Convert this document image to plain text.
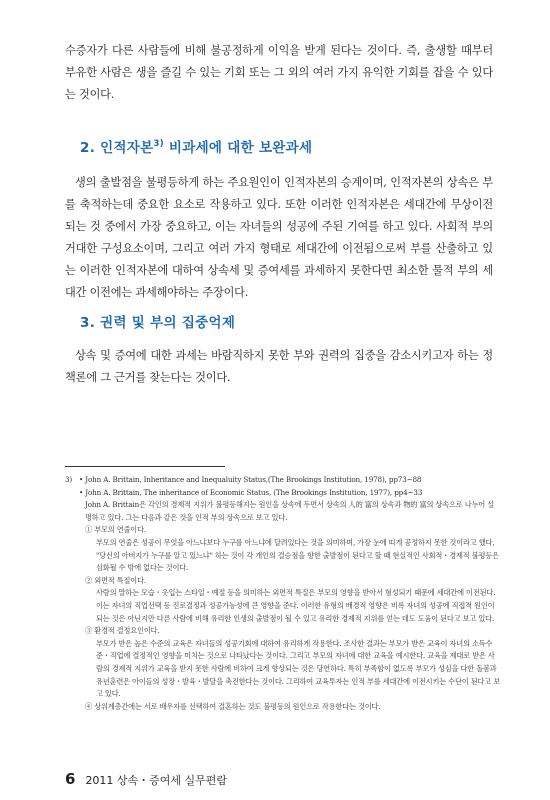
수증자가 다른 사람들에 비해 불공정하게 이익을 받게 된다는 것이다. 즉, 출생할 때부터 부유한 사람은 생을 즐길 수 있는 기회 또는 그 외의 여러 가지 유익한 기회를 잡을 수 있다는 것이다.

2. 인적자본$^{3)}$ 비과세에 대한 보완과세

생의 출발점을 불평등하게 하는 주요원인이 인적자본의 승계이며, 인적자본의 상속은 부를 축적하는데 중요한 요소로 작용하고 있다. 또한 이러한 인적자본은 세대간에 무상이전되는 것 중에서 가장 중요하고, 이는 자녀들의 성공에 주된 기여를 하고 있다. 사회적 부의 거대한 구성요소이며, 그리고 여러 가지 형태로 세대간에 이전됨으로써 부를 산출하고 있는 이러한 인적자본에 대하여 상속세 및 증여세를 과세하지 못한다면 최소한 물적 부의 세대간 이전에는 과세해야하는 주장이다.

3. 권력 및 부의 집중억제

상속 및 증여에 대한 과세는 바람직하지 못한 부와 권력의 집중을 감소시키고자 하는 정책론에 그 근거를 찾는다는 것이다.

3) • John A. Brittain, Inheritance and Inequaluity Status,(The Brookings Institution, 1978), pp73~88
• John A. Brittain, The inheritance of Economic Status, (The Brookings Institution, 1977), pp4~33
John A. Brittain은 각인의 경제적 지위가 불평등해지는 원인을 상속에 두면서 상속의 人的 富의 상속과 物的 富의 상속으로 나누어 설명하고 있다. 그는 다음과 같은 것을 인적 부의 상속으로 보고 있다.
① 부모의 연줄이다.
부모의 연줄은 성공이 무엇을 아느냐보다 누구를 아느냐에 달려있다는 것을 의미하며, 가장 눈에 띠게 공정하지 못한 것이라고 했다, "당신의 아버지가 누구를 알고 있느냐" 하는 것이 각 개인의 결승점을 향한 출발점이 된다고 할 때 현실적인 사회적・경제적 불평등은 심화될 수 밖에 없다는 것이다.
② 외면적 특질이다.
사람의 말하는 모습・옷입는 스타일・예절 등을 의미하는 외면적 특질은 부모의 영향을 받아서 형성되기 때문에 세대간에 이전된다. 이는 자녀의 직업선택 등 진로결정과 성공가능성에 큰 영향을 준다. 이러한 유형의 배경적 영향은 비록 자녀의 성공에 직접적 원인이 되는 것은 아닌지만 다른 사람에 비해 유리한 인생의 출발점이 될 수 있고 유리한 경제적 지위를 얻는 데도 도움이 된다고 보고 있다.
③ 환경적 결정요인이다.
부모가 받은 높은 수준의 교육은 자녀들의 성공기회에 대하여 유리하게 작용한다. 조사한 결과는 부모가 받은 교육이 자녀의 소득수준・직업에 결정적인 영향을 미치는 것으로 나타났다는 것이다. 그리고 부모의 자녀에 대한 교육을 예시한다. 교육을 제대로 받은 사람의 경제적 지위가 교육을 받지 못한 사람에 비하여 크게 향상되는 것은 당연하다. 특히 부족함이 없도록 부모가 성심을 다한 돌봄과 유년훈련은 아이들의 성장・발육・발달을 촉진한다는 것이다. 그리하여 교육투자는 인적 부를 세대간에 이전시키는 수단이 된다고 보고 있다.
④ 상위계층간에는 서로 배우자를 선택하여 결혼하는 것도 불평등의 원인으로 작용한다는 것이다.
6 2011 상속・증여세 실무편람
